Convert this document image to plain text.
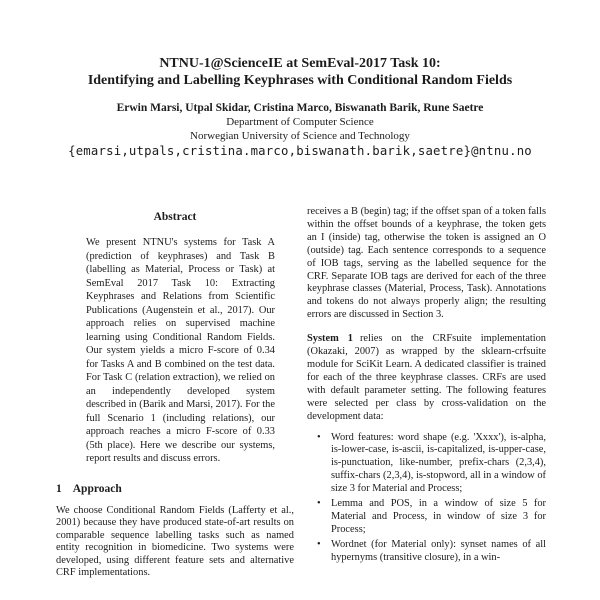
NTNU-1@ScienceIE at SemEval-2017 Task 10:
Identifying and Labelling Keyphrases with Conditional Random Fields
Erwin Marsi, Utpal Skidar, Cristina Marco, Biswanath Barik, Rune Saetre
Department of Computer Science
Norwegian University of Science and Technology
{emarsi,utpals,cristina.marco,biswanath.barik,saetre}@ntnu.no
Abstract
We present NTNU's systems for Task A (prediction of keyphrases) and Task B (labelling as Material, Process or Task) at SemEval 2017 Task 10: Extracting Keyphrases and Relations from Scientific Publications (Augenstein et al., 2017). Our approach relies on supervised machine learning using Conditional Random Fields. Our system yields a micro F-score of 0.34 for Tasks A and B combined on the test data. For Task C (relation extraction), we relied on an independently developed system described in (Barik and Marsi, 2017). For the full Scenario 1 (including relations), our approach reaches a micro F-score of 0.33 (5th place). Here we describe our systems, report results and discuss errors.
1 Approach
We choose Conditional Random Fields (Lafferty et al., 2001) because they have produced state-of-art results on comparable sequence labelling tasks such as named entity recognition in biomedicine. Two systems were developed, using different feature sets and alternative CRF implementations.
receives a B (begin) tag; if the offset span of a token falls within the offset bounds of a keyphrase, the token gets an I (inside) tag, otherwise the token is assigned an O (outside) tag. Each sentence corresponds to a sequence of IOB tags, serving as the labelled sequence for the CRF. Separate IOB tags are derived for each of the three keyphrase classes (Material, Process, Task). Annotations and tokens do not always properly align; the resulting errors are discussed in Section 3.
System 1 relies on the CRFsuite implementation (Okazaki, 2007) as wrapped by the sklearn-crfsuite module for SciKit Learn. A dedicated classifier is trained for each of the three keyphrase classes. CRFs are used with default parameter setting. The following features were selected per class by cross-validation on the development data:
• Word features: word shape (e.g. 'Xxxx'), is-alpha, is-lower-case, is-ascii, is-capitalized, is-upper-case, is-punctuation, like-number, prefix-chars (2,3,4), suffix-chars (2,3,4), is-stopword, all in a window of size 3 for Material and Process;
• Lemma and POS, in a window of size 5 for Material and Process, in window of size 3 for Process;
• Wordnet (for Material only): synset names of all hypernyms (transitive closure), in a win-
